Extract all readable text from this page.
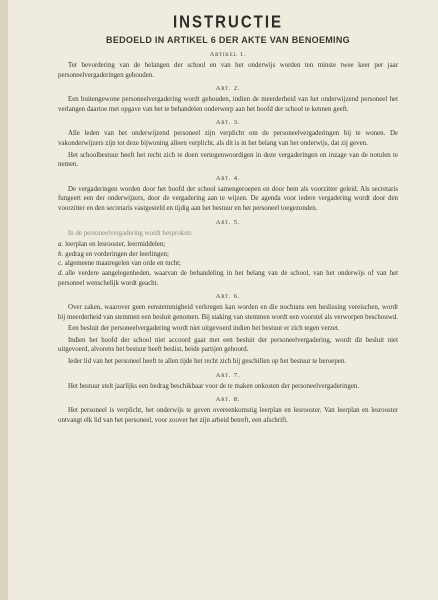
INSTRUCTIE
BEDOELD IN ARTIKEL 6 DER AKTE VAN BENOEMING
Artikel 1.

Ter bevordering van de belangen der school en van het onderwijs worden ten minste twee keer per jaar personeelvergaderingen gehouden.

Art. 2.

Een buitengewone personeelvergadering wordt gehouden, indien de meerderheid van het onderwijzend personeel het verlangen daartoe met opgave van het te behandelen onderwerp aan het hoofd der school te kennen geeft.

Art. 3.

Alle leden van het onderwijzend personeel zijn verplicht om de personeelvergaderingen bij te wonen. De vakonderwijzers zijn tot deze bijwoning alleen verplicht, als dit is in het belang van het onderwijs, dat zij geven.

Het schoolbestuur heeft het recht zich te doen vertegenwoordigen in deze vergaderingen en inzage van de notulen te nemen.

Art. 4.

De vergaderingen worden door het hoofd der school samengeroepen en door hem als voorzitter geleid. Als secretaris fungeert een der onderwijzers, door de vergadering aan te wijzen. De agenda voor iedere vergadering wordt door den voorzitter en den secretaris vastgesteld en tijdig aan het bestuur en het personeel toegezonden.

Art. 5.

In de personeelvergadering wordt besproken:

a. leerplan en lesrooster, leermiddelen;
b. gedrag en vorderingen der leerlingen;
c. algemeene maatregelen van orde en tucht;
d. alle verdere aangelegenheden, waarvan de behandeling in het belang van de school, van het onderwijs of van het personeel wenschelijk wordt geacht.
Art. 6.

Over zaken, waarover geen eenstemmigheid verkregen kan worden en die nochtans een beslissing vereischen, wordt bij meerderheid van stemmen een besluit genomen. Bij staking van stemmen wordt een voorstel als verworpen beschouwd.

Een besluit der personeelvergadering wordt niet uitgevoerd indien het bestuur er zich tegen verzet.

Indien het hoofd der school niet accoord gaat met een besluit der personeelvergadering, wordt dit besluit niet uitgevoerd, alvorens het bestuur heeft beslist, beide partijen gehoord.

Ieder lid van het personeel heeft te allen tijde het recht zich bij geschillen op het bestuur te beroepen.

Art. 7.

Het bestuur stelt jaarlijks een bedrag beschikbaar voor de te maken onkosten der personeelvergaderingen.

Art. 8.

Het personeel is verplicht, het onderwijs te geven overeenkomstig leerplan en lesrooster. Van leerplan en lesrooster ontvangt elk lid van het personeel, voor zoover het zijn arbeid betreft, een afschrift.
